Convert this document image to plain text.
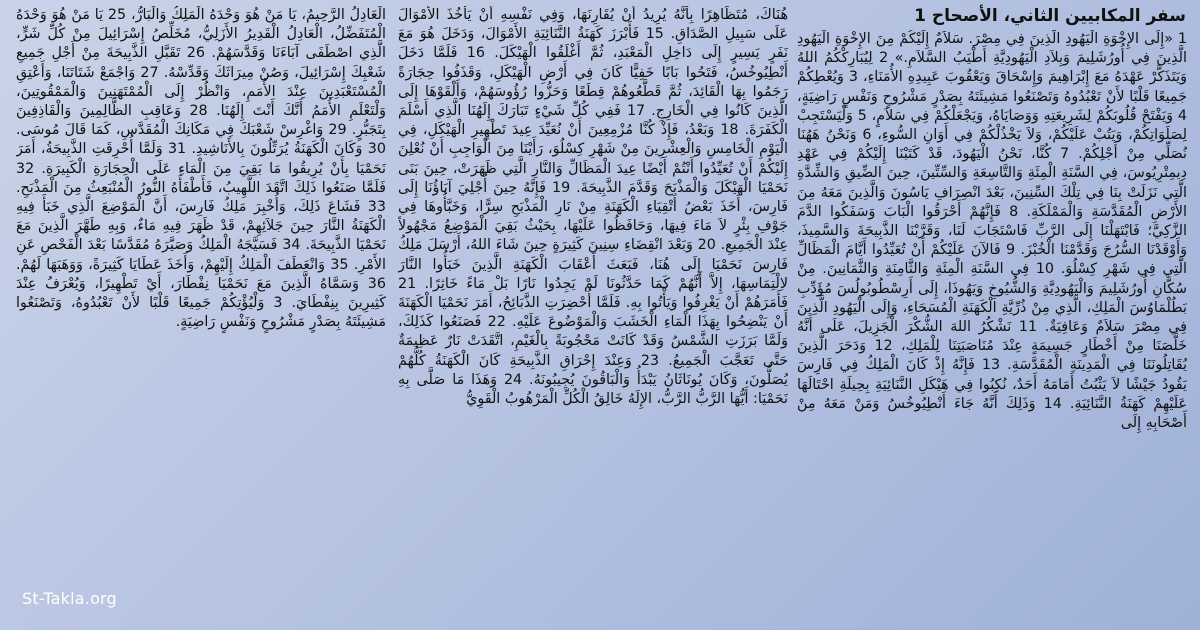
سفر المكابيين الثاني، الأصحاح 1
1 «إِلَى الإِخْوَةِ الْيَهُودِ الَّذِينَ فِي مِصْرَ. سَلاَمٌ إِلَيْكُمْ مِنَ الإِخْوَةِ الْيَهُودِ الَّذِينَ فِي أُورُشَلِيمَ وَبِلاَدِ الْيَهُودِيَّةِ أَطْيَبُ السَّلاَمِ.» 2 لِيُبَارِكْكُمُ اللهُ وَيَتَذَكَّرْ عَهْدَهُ مَعَ إِبْرَاهِيمَ وَإِسْحَاقَ وَيَعْقُوبَ عَبِيدِهِ الأُمَنَاءِ، 3 وَيُعْطِكُمْ جَمِيعًا قَلْبًا لأَنْ تَعْبُدُوهُ وَتَصْنَعُوا مَشِيئَتَهُ بِصَدْرٍ مَشْرُوحٍ وَنَفْسٍ رَاضِيَةٍ، 4 وَيَفْتَحْ قُلُوبَكُمْ لِشَرِيعَتِهِ وَوَصَايَاهُ، وَيَجْعَلْكُمْ فِي سَلاَمٍ، 5 وَلْيَسْتَجِبْ لِصَلَوَاتِكُمْ، وَيَتُبْ عَلَيْكُمْ، وَلاَ يَخْذُلْكُمْ فِي أَوَانِ السُّوءِ، 6 وَنَحْنُ هَهُنَا نُصَلِّي مِنْ أَجْلِكُمْ. 7 كُنَّا، نَحْنُ الْيَهُودَ، قَدْ كَتَبْنَا إِلَيْكُمْ فِي عَهْدِ دِيمِتْرِيُوسَ، فِي السَّنَةِ الْمِئَةِ وَالتَّاسِعَةِ وَالسِّتِّينَ، حِينَ الضِّيقِ وَالشِّدَّةِ الَّتِي نَزَلَتْ بِنَا فِي تِلْكَ السِّنِينَ، بَعْدَ انْصِرَافِ يَاسُونَ وَالَّذِينَ مَعَهُ مِنَ الأَرْضِ الْمُقَدَّسَةِ وَالْمَمْلَكَةِ. 8 فَإِنَّهُمْ أَحْرَقُوا الْبَابَ وَسَفَكُوا الدَّمَ الزَّكِيَّ؛ فَابْتَهَلْنَا إِلَى الرَّبِّ فَاسْتَجَابَ لَنَا، وَقَرَّبْنَا الذَّبِيحَةَ وَالسَّمِيذَ، وَأَوْقَدْنَا السُّرُجَ وَقَدَّمْنَا الْخُبْزَ. 9 فَالآنَ عَلَيْكُمْ أَنْ تُعَيِّدُوا أَيَّامَ الْمَظَالِّ الَّتِي فِي شَهْرِ كِسْلُوَ. 10 فِي السَّنَةِ الْمِئَةِ وَالثَّامِنَةِ وَالثَّمَانِينَ. مِنْ سُكَّانِ أُورُشَلِيمَ وَالْيَهُودِيَّةِ وَالشُّيُوخِ وَيَهُوذَا، إِلَى أَرِسْطُوبُولُسَ مُؤَدِّبِ بَطُلْمَاوُسَ الْمَلِكِ، الَّذِي مِنْ ذُرِّيَّةِ الْكَهَنَةِ الْمُسَحَاءِ، وَإِلَى الْيَهُودِ الَّذِينَ فِي مِصْرَ سَلاَمٌ وَعَافِيَةٌ. 11 نَشْكُرُ اللهَ الشُّكْرَ الْجَزِيلَ، عَلَى أَنَّهُ خَلَّصَنَا مِنْ أَخْطَارٍ جَسِيمَةٍ عِنْدَ مُنَاصَبَتِنَا لِلْمَلِكِ، 12 وَدَحَرَ الَّذِينَ يُقَاتِلُونَنَا فِي الْمَدِينَةِ الْمُقَدَّسَةِ. 13 فَإِنَّهُ إِذْ كَانَ الْمَلِكُ فِي فَارِسَ يَقُودُ جَيْشًا لاَ يَثْبُتُ أَمَامَهُ أَحَدٌ، نُكِبُوا فِي هَيْكَلِ النَّنَائِيَةِ بِحِيلَةِ احْتَالَهَا عَلَيْهِمْ كَهَنَةُ النَّنَائِيَةِ. 14 وَذَلِكَ أَنَّهُ جَاءَ أَنْطِيُوخُسُ وَمَنْ مَعَهُ مِنْ أَصْحَابِهِ إِلَى
هُنَاكَ، مُتَظَاهِرًا بِأَنَّهُ يُرِيدُ أَنْ يُقَارِنَهَا، وَفِي نَفْسِهِ أَنْ يَأْخُذَ الأَمْوَالَ عَلَى سَبِيلِ الصَّدَاقِ. 15 فَأَبْرَزَ كَهَنَةُ النَّنَائِيَةِ الأَمْوَالَ، وَدَخَلَ هُوَ مَعَ نَفَرٍ يَسِيرٍ إِلَى دَاخِلِ الْمَعْبَدِ، ثُمَّ أَغْلَقُوا الْهَيْكَلَ. 16 فَلَمَّا دَخَلَ أَنْطِيُوخُسُ، فَتَحُوا بَابًا خَفِيًّا كَانَ فِي أَرْضِ الْهَيْكَلِ، وَقَذَفُوا حِجَارَةً رَجَمُوا بِهَا الْقَائِدَ، ثُمَّ قَطَّعُوهُمْ قِطَعًا وَحَزُّوا رُؤُوسَهُمْ، وَأَلْقَوْهَا إِلَى الَّذِينَ كَانُوا فِي الْخَارِجِ. 17 فَفِي كُلِّ شَيْءٍ تَبَارَكَ إِلَهُنَا الَّذِي أَسْلَمَ الْكَفَرَةَ. 18 وَبَعْدُ، فَإِذْ كُنَّا مُزْمِعِينَ أَنْ نُعَيِّدَ عِيدَ تَطْهِيرِ الْهَيْكَلِ، فِي الْيَوْمِ الْخَامِسِ وَالْعِشْرِينَ مِنْ شَهْرِ كِسْلُوَ، رَأَيْنَا مِنَ الْوَاجِبِ أَنْ نُعْلِنَ إِلَيْكُمْ أَنْ تُعَيِّدُوا أَنْتُمْ أَيْضًا عِيدَ الْمَظَالِّ وَالنَّارِ الَّتِي ظَهَرَتْ، حِينَ بَنَى نَحَمْيَا الْهَيْكَلَ وَالْمَذْبَحَ وَقَدَّمَ الذَّبِيحَةَ. 19 فَإِنَّهُ حِينَ أُجْلِيَ آبَاؤُنَا إِلَى فَارِسَ، أَخَذَ بَعْضُ أَتْقِيَاءِ الْكَهَنَةِ مِنْ نَارِ الْمَذْبَحِ سِرًّا، وَخَبَّأُوهَا فِي جَوْفِ بِئْرٍ لاَ مَاءَ فِيهَا، وَحَافَظُوا عَلَيْهَا، بِحَيْثُ بَقِيَ الْمَوْضِعُ مَجْهُولاً عِنْدَ الْجَمِيعِ. 20 وَبَعْدَ انْقِضَاءِ سِنِينَ كَثِيرَةٍ حِينَ شَاءَ اللهُ، أَرْسَلَ مَلِكُ فَارِسَ نَحَمْيَا إِلَى هُنَا، فَبَعَثَ أَعْقَابَ الْكَهَنَةِ الَّذِينَ خَبَأُوا النَّارَ لاِلْتِمَاسِهَا، إِلاَّ أَنَّهُمْ كَمَا حَدَّثُونَا لَمْ يَجِدُوا نَارًا بَلْ مَاءً خَاثِرًا. 21 فَأَمَرَهُمْ أَنْ يَغْرِفُوا وَيَأْتُوا بِهِ. فَلَمَّا أُحْضِرَتِ الذَّبَائِحُ، أَمَرَ نَحَمْيَا الْكَهَنَةَ أَنْ يَنْضِحُوا بِهَذَا الْمَاءِ الْخَشَبَ وَالْمَوْضُوعَ عَلَيْهِ. 22 فَصَنَعُوا كَذَلِكَ، وَلَمَّا بَرَزَتِ الشَّمْسُ وَقَدْ كَانَتْ مَحْجُوبَةً بِالْغَيْمِ، اتَّقَدَتْ نَارٌ عَظِيمَةٌ حَتَّى تَعَجَّبَ الْجَمِيعُ. 23 وَعِنْدَ إِحْرَاقِ الذَّبِيحَةِ كَانَ الْكَهَنَةُ كُلُّهُمْ يُصَلُّونَ، وَكَانَ يُونَاثَانُ يَبْدَأُ وَالْبَاقُونَ يُجِيبُونَهُ. 24 وَهَذَا مَا صَلَّى بِهِ نَحَمْيَا: أَيُّهَا الرَّبُّ الرَّبُّ، الإِلَهُ خَالِقُ الْكُلِّ الْمَرْهُوبُ الْقَوِيُّ
الْعَادِلُ الرَّحِيمُ، يَا مَنْ هُوَ وَحْدَهُ الْمَلِكُ وَالْبَارُّ، 25 يَا مَنْ هُوَ وَحْدَهُ الْمُتَفَضِّلُ، الْعَادِلُ الْقَدِيرُ الأَزَلِيُّ، مُخَلِّصُ إِسْرَائِيلَ مِنْ كُلِّ شَرٍّ، الَّذِي اصْطَفَى آبَاءَنَا وَقَدَّسَهُمْ. 26 تَقَبَّلِ الذَّبِيحَةَ مِنْ أَجْلِ جَمِيعِ شَعْبِكَ إِسْرَائِيلَ، وَصُنْ مِيرَاثَكَ وَقَدِّسْهُ. 27 وَاجْمَعْ شَتَاتَنَا، وَأَعْتِقِ الْمُسْتَعْبَدِينَ عِنْدَ الأُمَمِ، وَانْظُرْ إِلَى الْمُمْتَهَنِينَ وَالْمَمْقُوتِينَ، وَلْتَعْلَمِ الأُمَمُ أَنَّكَ أَنْتَ إِلَهُنَا. 28 وَعَاقِبِ الظَّالِمِينَ وَالْقَاذِفِينَ بِتَجَبُّرٍ. 29 وَاغْرِسْ شَعْبَكَ فِي مَكَانِكَ الْمُقَدَّسِ، كَمَا قَالَ مُوسَى. 30 وَكَانَ الْكَهَنَةُ يُرَتِّلُونَ بِالأَنَاشِيدِ. 31 وَلَمَّا أُحْرِقَتِ الذَّبِيحَةُ، أَمَرَ نَحَمْيَا بِأَنْ يُرِيقُوا مَا بَقِيَ مِنَ الْمَاءِ عَلَى الْحِجَارَةِ الْكَبِيرَةِ. 32 فَلَمَّا صَنَعُوا ذَلِكَ اتَّقَدَ اللَّهِيبُ، فَأَطْفَأَهُ النُّورُ الْمُنْبَعِثُ مِنَ الْمَذْبَحِ. 33 فَشَاعَ ذَلِكَ، وَأُخْبِرَ مَلِكُ فَارِسَ، أَنَّ الْمَوْضِعَ الَّذِي خَبَأَ فِيهِ الْكَهَنَةُ النَّارَ حِينَ جَلاَئِهِمْ، قَدْ ظَهَرَ فِيهِ مَاءٌ، وَبِهِ طَهَّرَ الَّذِينَ مَعَ نَحَمْيَا الذَّبِيحَةَ. 34 فَسَيَّجَهُ الْمَلِكُ وَصَيَّرَهُ مُقَدَّسًا بَعْدَ الْفَحْصِ عَنِ الأَمْرِ. 35 وَانْعَطَفَ الْمَلِكُ إِلَيْهِمْ، وَأَخَذَ عَطَايَا كَثِيرَةً، وَوَهَبَهَا لَهُمْ. 36 وَسَمَّاهُ الَّذِينَ مَعَ نَحَمْيَا نِفْطَارَ، أَيْ تَطْهِيرًا، وَيُعْرَفُ عِنْدَ كَثِيرِينَ بِنِفْطَايَ. 3 وَلْيُؤْتِكُمْ جَمِيعًا قَلْبًا لأَنْ تَعْبُدُوهُ، وَتَصْنَعُوا مَشِيئَتَهُ بِصَدْرٍ مَشْرُوحٍ وَنَفْسٍ رَاضِيَةٍ.
St-Takla.org
